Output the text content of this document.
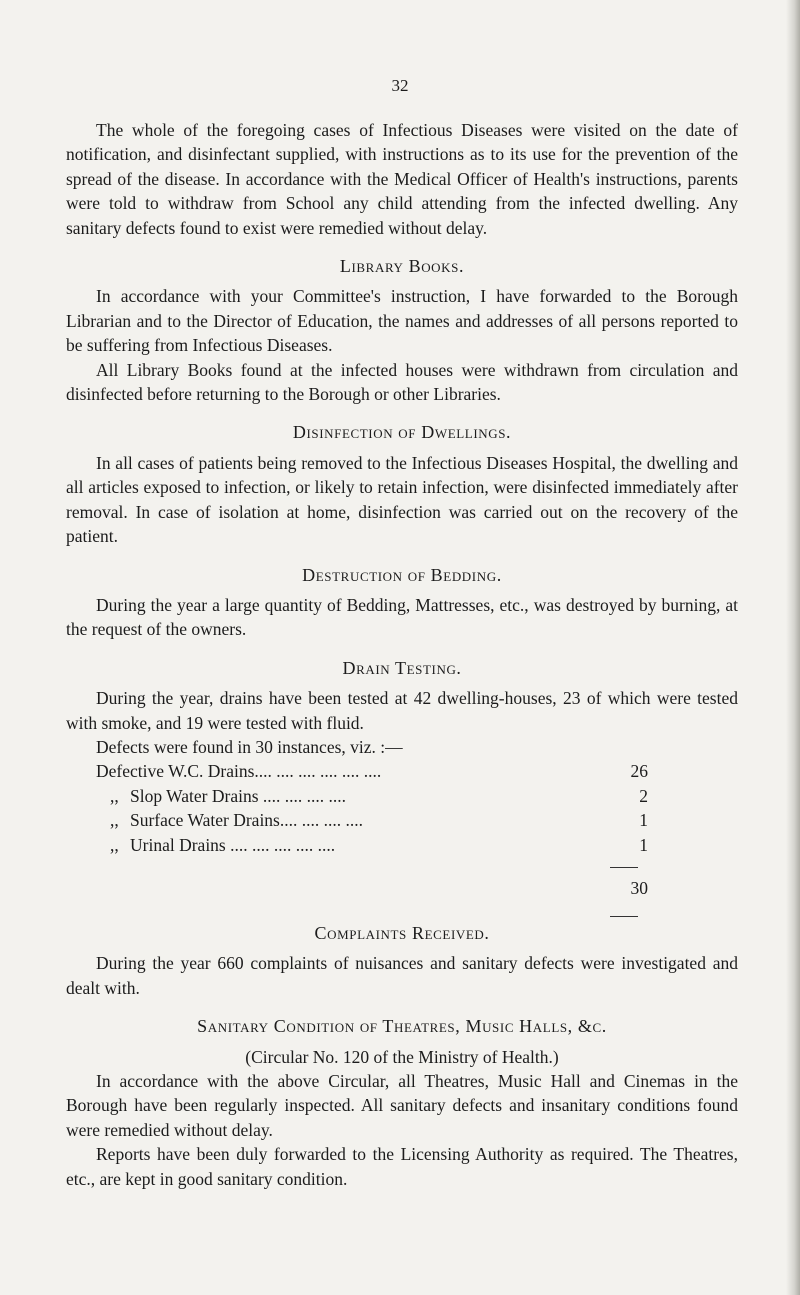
32

The whole of the foregoing cases of Infectious Diseases were visited on the date of notification, and disinfectant supplied, with instructions as to its use for the prevention of the spread of the disease. In accordance with the Medical Officer of Health's instructions, parents were told to withdraw from School any child attending from the infected dwelling. Any sanitary defects found to exist were remedied without delay.

Library Books.

In accordance with your Committee's instruction, I have forwarded to the Borough Librarian and to the Director of Education, the names and addresses of all persons reported to be suffering from Infectious Diseases.

All Library Books found at the infected houses were withdrawn from circulation and disinfected before returning to the Borough or other Libraries.

Disinfection of Dwellings.

In all cases of patients being removed to the Infectious Diseases Hospital, the dwelling and all articles exposed to infection, or likely to retain infection, were disinfected immediately after removal. In case of isolation at home, disinfection was carried out on the recovery of the patient.

Destruction of Bedding.

During the year a large quantity of Bedding, Mattresses, etc., was destroyed by burning, at the request of the owners.

Drain Testing.

During the year, drains have been tested at 42 dwelling-houses, 23 of which were tested with smoke, and 19 were tested with fluid.

Defects were found in 30 instances, viz. :—
Defective W.C. Drains.... .... .... .... .... ....	26
,, Slop Water Drains .... .... .... ....	2
,, Surface Water Drains.... .... .... ....	1
,, Urinal Drains .... .... .... .... ....	1
30
Complaints Received.

During the year 660 complaints of nuisances and sanitary defects were investigated and dealt with.

Sanitary Condition of Theatres, Music Halls, &c.
(Circular No. 120 of the Ministry of Health.)

In accordance with the above Circular, all Theatres, Music Hall and Cinemas in the Borough have been regularly inspected. All sanitary defects and insanitary conditions found were remedied without delay.

Reports have been duly forwarded to the Licensing Authority as required. The Theatres, etc., are kept in good sanitary condition.
